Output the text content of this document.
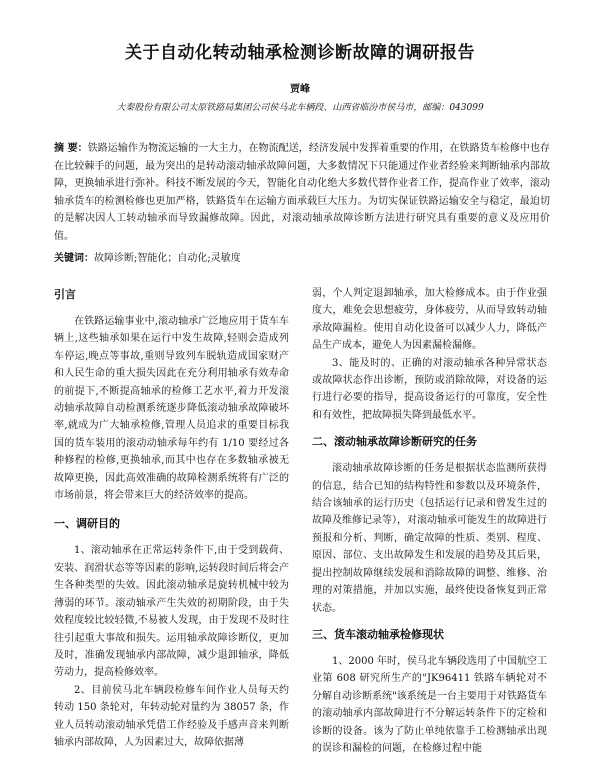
关于自动化转动轴承检测诊断故障的调研报告
贾峰
大秦股份有限公司太原铁路局集团公司侯马北车辆段、山西省临汾市侯马市，邮编：043099
摘 要：铁路运输作为物流运输的一大主力，在物流配送，经济发展中发挥着重要的作用，在铁路货车检修中也存在比较棘手的问题，最为突出的是转动滚动轴承故障问题，大多数情况下只能通过作业者经验来判断轴承内部故障，更换轴承进行弥补。科技不断发展的今天，智能化自动化绝大多数代替作业者工作，提高作业了效率，滚动轴承货车的检测检修也更加严格，铁路货车在运输方面承载巨大压力。为切实保证铁路运输安全与稳定，最迫切的是解决因人工转动轴承而导致漏修故障。因此，对滚动轴承故障诊断方法进行研究具有重要的意义及应用价值。
关键词：故障诊断;智能化；自动化;灵敏度
引言

在铁路运输事业中,滚动轴承广泛地应用于货车车辆上,这些轴承如果在运行中发生故障,轻则会造成列车停运,晚点等事故,重则导致列车脱轨造成国家财产和人民生命的重大损失因此在充分利用轴承有效寿命的前提下,不断提高轴承的检修工艺水平,着力开发滚动轴承故障自动检测系统逐步降低滚动轴承故障破坏率,就成为广大轴承检修,管理人员追求的重要目标我国的货车装用的滚动动轴承每年约有 1/10 要经过各种修程的检修,更换轴承,而其中也存在多数轴承被无故障更换，因此高效准确的故障检测系统将有广泛的市场前景，将会带来巨大的经济效率的提高。

一、调研目的

1、滚动轴承在正常运转条件下,由于受到载荷、安装、润滑状态等等因素的影响,运转段时间后将会产生各种类型的失效。因此滚动轴承是旋转机械中较为薄弱的环节。滚动轴承产生失效的初期阶段，由于失效程度较比较轻微,不易被人发现，由于发现不及时往往引起重大事故和损失。运用轴承故障诊断仪，更加及时，准确发现轴承内部故障，减少退卸轴承，降低劳动力，提高检修效率。

2、目前侯马北车辆段检修车间作业人员每天约转动 150 条轮对，年转动轮对量约为 38057 条，作业人员转动滚动轴承凭借工作经验及手感声音来判断轴承内部故障，人为因素过大，故障依据薄

弱，个人判定退卸轴承，加大检修成本。由于作业强度大，难免会思想疲劳，身体疲劳，从而导致转动轴承故障漏检。使用自动化设备可以减少人力，降低产品生产成本，避免人为因素漏检漏修。

3、能及时的、正确的对滚动轴承各种异常状态或故障状态作出诊断，预防或消除故障，对设备的运行进行必要的指导，提高设备运行的可靠度，安全性和有效性，把故障损失降到最低水平。

二、滚动轴承故障诊断研究的任务

滚动轴承故障诊断的任务是根据状态监测所获得的信息，结合已知的结构特性和参数以及环境条件，结合该轴承的运行历史（包括运行记录和曾发生过的故障及维修记录等），对滚动轴承可能发生的故障进行预报和分析、判断，确定故障的性质、类别、程度、原因、部位、支出故障发生和发展的趋势及其后果，提出控制故障继续发展和消除故障的调整、维修、治理的对策措施，并加以实施，最终使设备恢复到正常状态。

三、货车滚动轴承检修现状

1、2000 年时，侯马北车辆段选用了中国航空工业第 608 研究所生产的"JK96411 铁路车辆轮对不分解自动诊断系统"该系统是一台主要用于对铁路货车的滚动轴承内部故障进行不分解运转条件下的定检和诊断的设备。该为了防止单纯依靠手工检测轴承出现的误诊和漏检的问题，在检修过程中能
